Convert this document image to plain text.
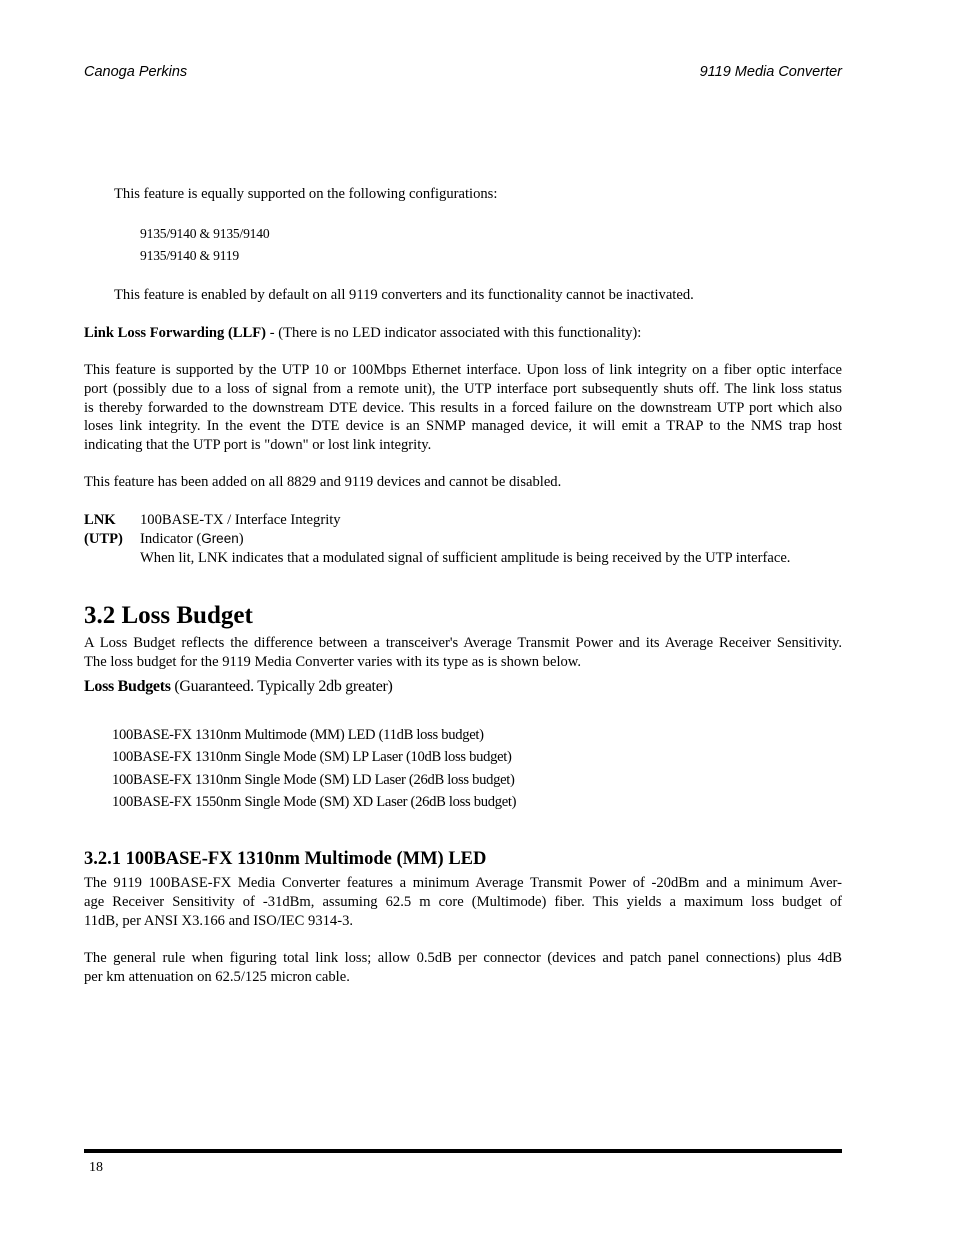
Canoga Perkins	9119 Media Converter
This feature is equally supported on the following configurations:
9135/9140 & 9135/9140
9135/9140 & 9119
This feature is enabled by default on all 9119 converters and its functionality cannot be inactivated.
Link Loss Forwarding (LLF) - (There is no LED indicator associated with this functionality):
This feature is supported by the UTP 10 or 100Mbps Ethernet interface. Upon loss of link integrity on a fiber optic interface
port (possibly due to a loss of signal from a remote unit), the UTP interface port subsequently shuts off. The link loss status
is thereby forwarded to the downstream DTE device. This results in a forced failure on the downstream UTP port which also
loses link integrity. In the event the DTE device is an SNMP managed device, it will emit a TRAP to the NMS trap host
indicating that the UTP port is "down" or lost link integrity.
This feature has been added on all 8829 and 9119 devices and cannot be disabled.
LNK
(UTP)
100BASE-TX / Interface Integrity
Indicator (Green)
When lit, LNK indicates that a modulated signal of sufficient amplitude is being received by the UTP interface.
3.2 Loss Budget
A Loss Budget reflects the difference between a transceiver's Average Transmit Power and its Average Receiver Sensitivity.
The loss budget for the 9119 Media Converter varies with its type as is shown below.
Loss Budgets (Guaranteed. Typically 2db greater)
100BASE-FX 1310nm Multimode (MM) LED (11dB loss budget)
100BASE-FX 1310nm Single Mode (SM) LP Laser (10dB loss budget)
100BASE-FX 1310nm Single Mode (SM) LD Laser (26dB loss budget)
100BASE-FX 1550nm Single Mode (SM) XD Laser (26dB loss budget)
3.2.1 100BASE-FX 1310nm Multimode (MM) LED
The 9119 100BASE-FX Media Converter features a minimum Average Transmit Power of -20dBm and a minimum Aver-
age Receiver Sensitivity of -31dBm, assuming 62.5 m core (Multimode) fiber. This yields a maximum loss budget of
11dB, per ANSI X3.166 and ISO/IEC 9314-3.
The general rule when figuring total link loss; allow 0.5dB per connector (devices and patch panel connections) plus 4dB
per km attenuation on 62.5/125 micron cable.
18
